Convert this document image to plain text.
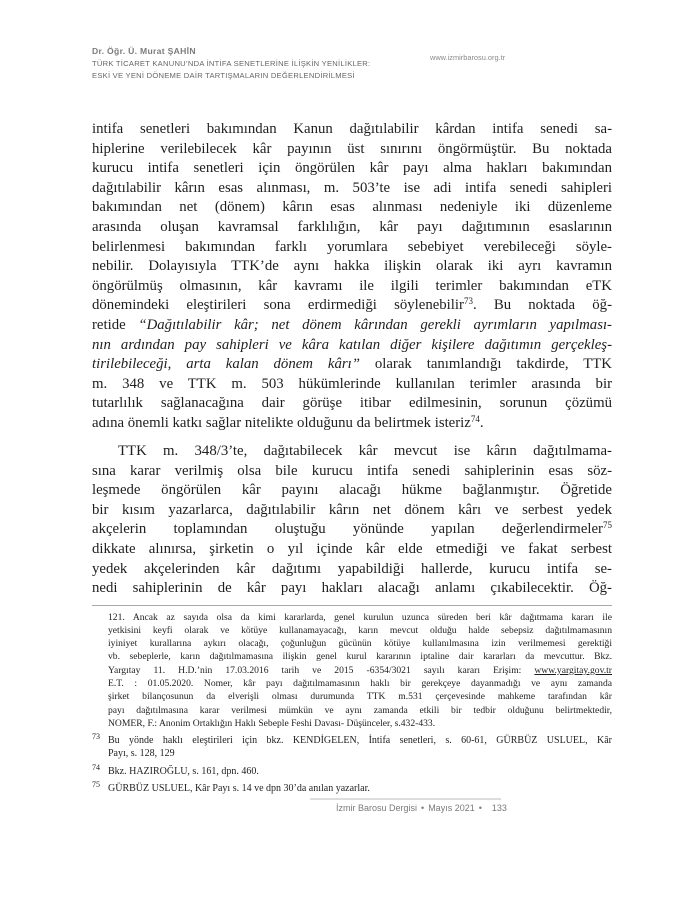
Dr. Öğr. Ü. Murat ŞAHİN
TÜRK TİCARET KANUNU’NDA İNTİFA SENETLERİNE İLİŞKİN YENİLİKLER:
ESKİ VE YENİ DÖNEME DAİR TARTIŞMALARIN DEĞERLENDİRİLMESİ
www.izmirbarosu.org.tr
intifa senetleri bakımından Kanun dağıtılabilir kârdan intifa senedi sa-
hiplerine verilebilecek kâr payının üst sınırını öngörmüştür. Bu noktada
kurucu intifa senetleri için öngörülen kâr payı alma hakları bakımından
dağıtılabilir kârın esas alınması, m. 503’te ise adi intifa senedi sahipleri
bakımından net (dönem) kârın esas alınması nedeniyle iki düzenleme
arasında oluşan kavramsal farklılığın, kâr payı dağıtımının esaslarının
belirlenmesi bakımından farklı yorumlara sebebiyet verebileceği söyle-
nebilir. Dolayısıyla TTK’de aynı hakka ilişkin olarak iki ayrı kavramın
öngörülmüş olmasının, kâr kavramı ile ilgili terimler bakımından eTK
dönemindeki eleştirileri sona erdirmediği söylenebilir$^{73}$. Bu noktada öğ-
retide “Dağıtılabilir kâr; net dönem kârından gerekli ayrımların yapılması-
nın ardından pay sahipleri ve kâra katılan diğer kişilere dağıtımın gerçekleş-
tirilebileceği, arta kalan dönem kârı” olarak tanımlandığı takdirde, TTK
m. 348 ve TTK m. 503 hükümlerinde kullanılan terimler arasında bir
tutarlılık sağlanacağına dair görüşe itibar edilmesinin, sorunun çözümü
adına önemli katkı sağlar nitelikte olduğunu da belirtmek isteriz$^{74}$.
TTK m. 348/3’te, dağıtabilecek kâr mevcut ise kârın dağıtılmama-
sına karar verilmiş olsa bile kurucu intifa senedi sahiplerinin esas söz-
leşmede öngörülen kâr payını alacağı hükme bağlanmıştır. Öğretide
bir kısım yazarlarca, dağıtılabilir kârın net dönem kârı ve serbest yedek
akçelerin toplamından oluştuğu yönünde yapılan değerlendirmeler$^{75}$
dikkate alınırsa, şirketin o yıl içinde kâr elde etmediği ve fakat serbest
yedek akçelerinden kâr dağıtımı yapabildiği hallerde, kurucu intifa se-
nedi sahiplerinin de kâr payı hakları alacağı anlamı çıkabilecektir. Öğ-
121. Ancak az sayıda olsa da kimi kararlarda, genel kurulun uzunca süreden beri kâr dağıtmama kararı ile
yetkisini keyfi olarak ve kötüye kullanamayacağı, karın mevcut olduğu halde sebepsiz dağıtılmamasının
iyiniyet kurallarına aykırı olacağı, çoğunluğun gücünün kötüye kullanılmasına izin verilmemesi gerektiği
vb. sebeplerle, karın dağıtılmamasına ilişkin genel kurul kararının iptaline dair kararları da mevcuttur. Bkz.
Yargıtay 11. H.D.’nin 17.03.2016 tarih ve 2015 -6354/3021 sayılı kararı Erişim: www.yargitay.gov.tr
E.T. : 01.05.2020. Nomer, kâr payı dağıtılmamasının haklı bir gerekçeye dayanmadığı ve aynı zamanda
şirket bilançosunun da elverişli olması durumunda TTK m.531 çerçevesinde mahkeme tarafından kâr
payı dağıtılmasına karar verilmesi mümkün ve aynı zamanda etkili bir tedbir olduğunu belirtmektedir,
NOMER, F.: Anonim Ortaklığın Haklı Sebeple Feshi Davası- Düşünceler, s.432-433.
73 Bu yönde haklı eleştirileri için bkz. KENDİGELEN, İntifa senetleri, s. 60-61, GÜRBÜZ USLUEL, Kâr
Payı, s. 128, 129
74 Bkz. HAZIROĞLU, s. 161, dpn. 460.
75 GÜRBÜZ USLUEL, Kâr Payı s. 14 ve dpn 30’da anılan yazarlar.
İzmir Barosu Dergisi • Mayıs 2021 • 133
